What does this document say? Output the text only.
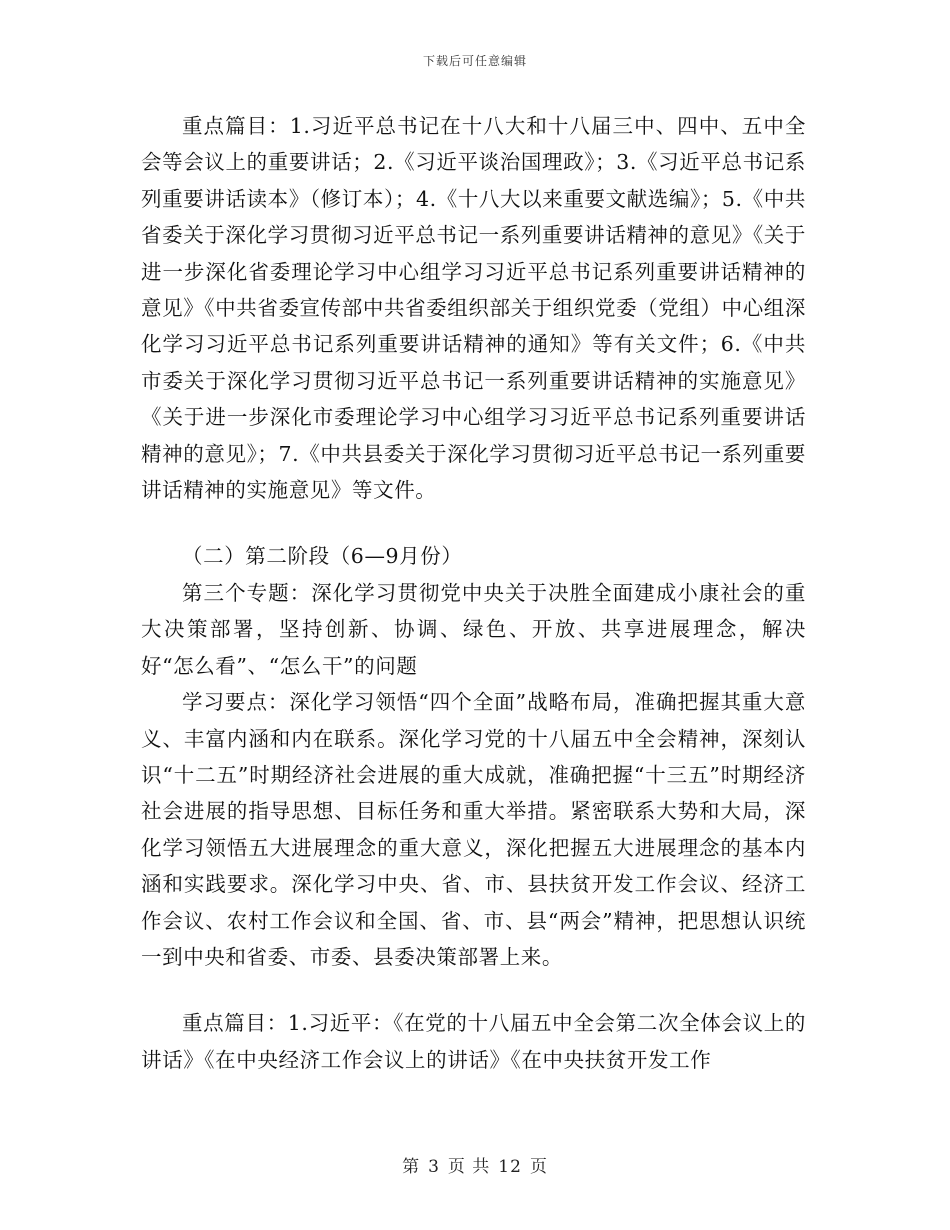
下载后可任意编辑

重点篇目：1.习近平总书记在十八大和十八届三中、四中、五中全会等会议上的重要讲话；2.《习近平谈治国理政》；3.《习近平总书记系列重要讲话读本》（修订本）；4.《十八大以来重要文献选编》；5.《中共省委关于深化学习贯彻习近平总书记一系列重要讲话精神的意见》《关于进一步深化省委理论学习中心组学习习近平总书记系列重要讲话精神的意见》《中共省委宣传部中共省委组织部关于组织党委（党组）中心组深化学习习近平总书记系列重要讲话精神的通知》等有关文件；6.《中共市委关于深化学习贯彻习近平总书记一系列重要讲话精神的实施意见》《关于进一步深化市委理论学习中心组学习习近平总书记系列重要讲话精神的意见》；7.《中共县委关于深化学习贯彻习近平总书记一系列重要讲话精神的实施意见》等文件。

（二）第二阶段（6—9月份）

第三个专题：深化学习贯彻党中央关于决胜全面建成小康社会的重大决策部署，坚持创新、协调、绿色、开放、共享进展理念，解决好“怎么看”、“怎么干”的问题

学习要点：深化学习领悟“四个全面”战略布局，准确把握其重大意义、丰富内涵和内在联系。深化学习党的十八届五中全会精神，深刻认识“十二五”时期经济社会进展的重大成就，准确把握“十三五”时期经济社会进展的指导思想、目标任务和重大举措。紧密联系大势和大局，深化学习领悟五大进展理念的重大意义，深化把握五大进展理念的基本内涵和实践要求。深化学习中央、省、市、县扶贫开发工作会议、经济工作会议、农村工作会议和全国、省、市、县“两会”精神，把思想认识统一到中央和省委、市委、县委决策部署上来。

重点篇目：1.习近平：《在党的十八届五中全会第二次全体会议上的讲话》《在中央经济工作会议上的讲话》《在中央扶贫开发工作

第 3 页 共 12 页
